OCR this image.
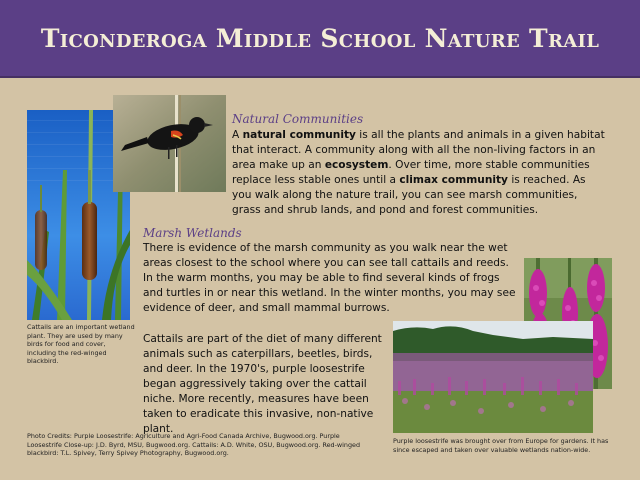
Ticonderoga Middle School Nature Trail
Natural Communities
A natural community is all the plants and animals in a given habitat that interact. A community along with all the non-living factors in an area make up an ecosystem. Over time, more stable communities replace less stable ones until a climax community is reached. As you walk along the nature trail, you can see marsh communities, grass and shrub lands, and pond and forest communities.
Marsh Wetlands
There is evidence of the marsh community as you walk near the wet areas closest to the school where you can see tall cattails and reeds. In the warm months, you may be able to find several kinds of frogs and turtles in or near this wetland. In the winter months, you may see evidence of deer, and small mammal burrows.
Cattails are part of the diet of many different animals such as caterpillars, beetles, birds, and deer. In the 1970's, purple loosestrife began aggressively taking over the cattail niche. More recently, measures have been taken to eradicate this invasive, non-native plant.
Cattails are an important wetland plant. They are used by many birds for food and cover, including the red-winged blackbird.
Purple loosestrife was brought over from Europe for gardens. It has since escaped and taken over valuable wetlands nation-wide.
Photo Credits: Purple Loosestrife: Agriculture and Agri-Food Canada Archive, Bugwood.org. Purple Loosestrife Close-up: J.D. Byrd, MSU, Bugwood.org. Cattails: A.D. White, OSU, Bugwood.org. Red-winged blackbird: T.L. Spivey, Terry Spivey Photography, Bugwood.org.
